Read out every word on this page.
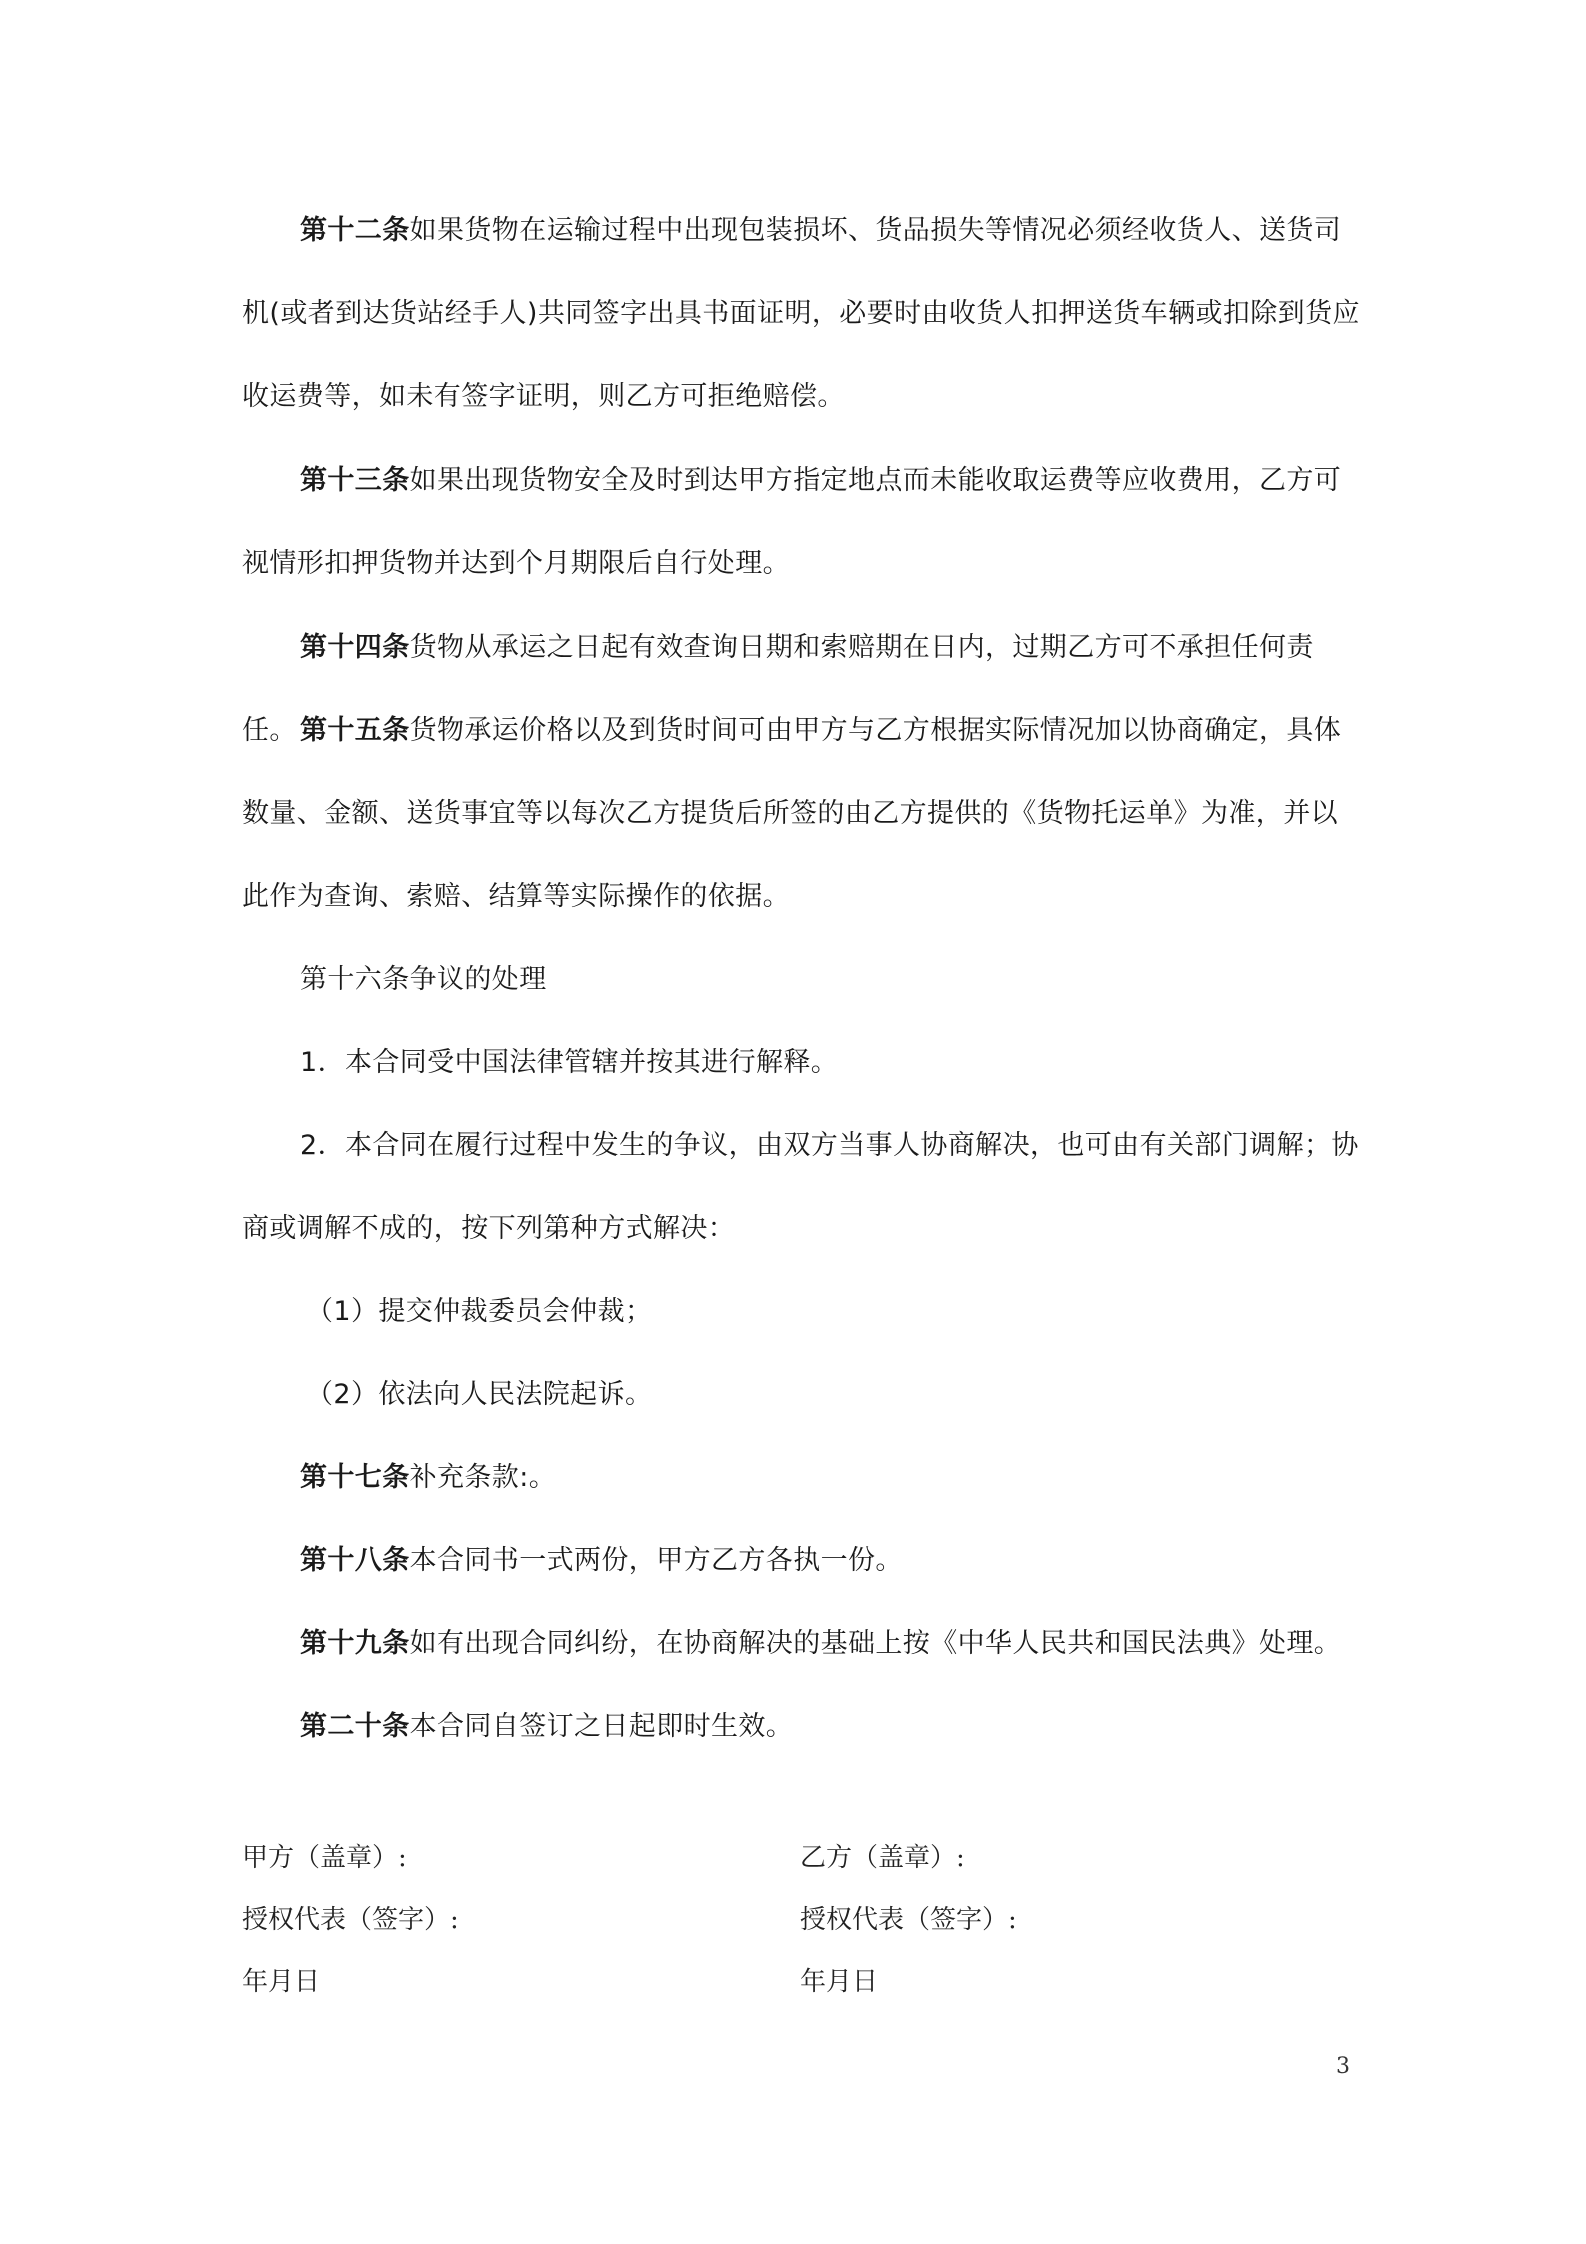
第十二条如果货物在运输过程中出现包装损坏、货品损失等情况必须经收货人、送货司机(或者到达货站经手人)共同签字出具书面证明，必要时由收货人扣押送货车辆或扣除到货应收运费等，如未有签字证明，则乙方可拒绝赔偿。

第十三条如果出现货物安全及时到达甲方指定地点而未能收取运费等应收费用，乙方可视情形扣押货物并达到个月期限后自行处理。

第十四条货物从承运之日起有效查询日期和索赔期在日内，过期乙方可不承担任何责任。 第十五条货物承运价格以及到货时间可由甲方与乙方根据实际情况加以协商确定，具体数量、金额、送货事宜等以每次乙方提货后所签的由乙方提供的《货物托运单》为准，并以此作为查询、索赔、结算等实际操作的依据。

第十六条争议的处理

1．本合同受中国法律管辖并按其进行解释。

2．本合同在履行过程中发生的争议，由双方当事人协商解决，也可由有关部门调解；协商或调解不成的，按下列第种方式解决：

（1）提交仲裁委员会仲裁；

（2）依法向人民法院起诉。

第十七条补充条款:。

第十八条本合同书一式两份，甲方乙方各执一份。

第十九条如有出现合同纠纷，在协商解决的基础上按《中华人民共和国民法典》处理。

第二十条本合同自签订之日起即时生效。

甲方（盖章）:	乙方（盖章）:
授权代表（签字）:	授权代表（签字）:
年月日	年月日
3
